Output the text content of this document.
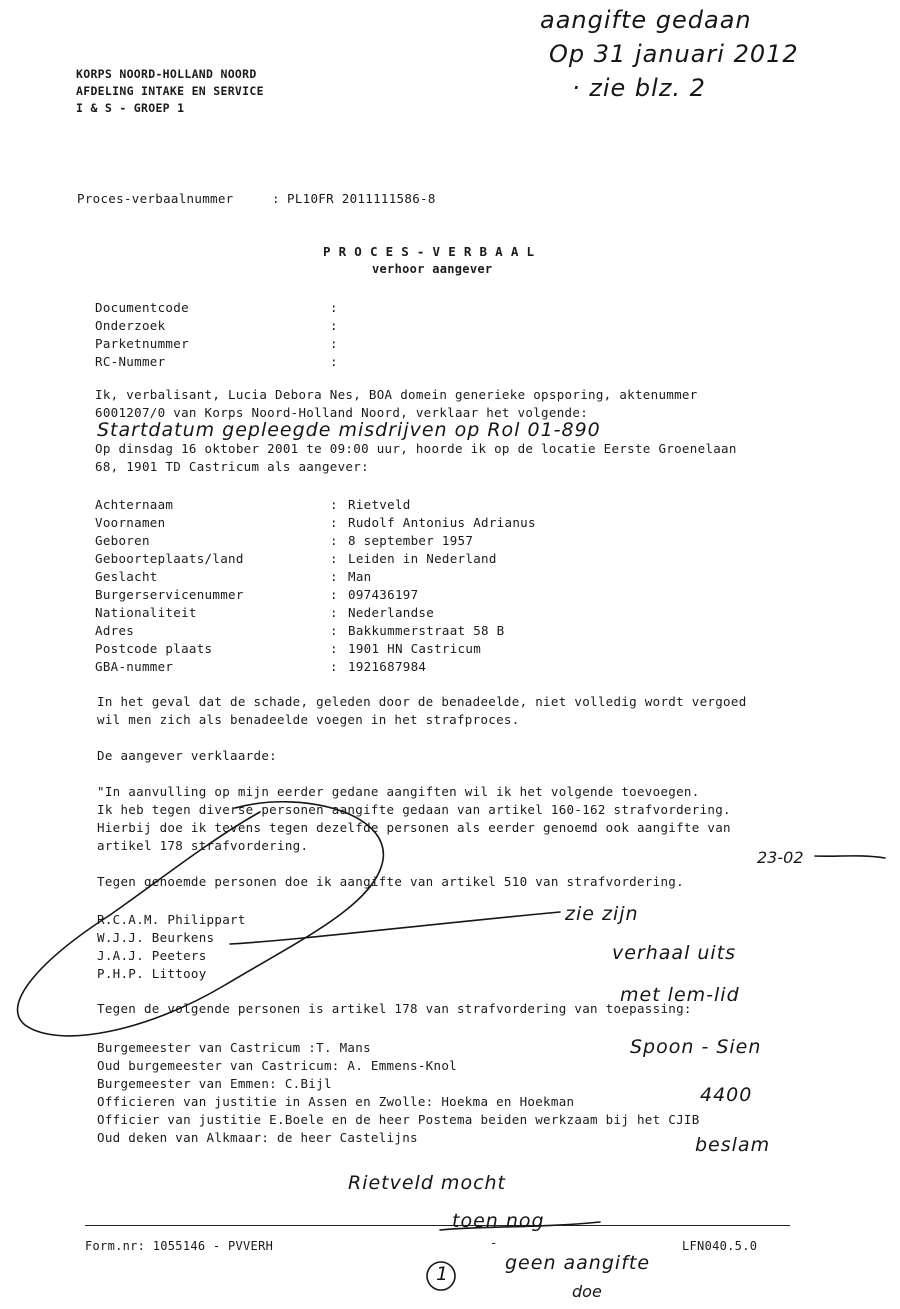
KORPS NOORD-HOLLAND NOORD
AFDELING INTAKE EN SERVICE
I & S - GROEP 1
Proces-verbaalnummer	: PL10FR 2011111586-8
P R O C E S - V E R B A A L
verhoor aangever
Documentcode	:
Onderzoek	:
Parketnummer	:
RC-Nummer	:
Ik, verbalisant, Lucia Debora Nes, BOA domein generieke opsporing, aktenummer
6001207/0 van Korps Noord-Holland Noord, verklaar het volgende:
Startdatum gepleegde misdrijven op Rol 01-890
Op dinsdag 16 oktober 2001 te 09:00 uur, hoorde ik op de locatie Eerste Groenelaan
68, 1901 TD Castricum als aangever:
Achternaam	: Rietveld
Voornamen	: Rudolf Antonius Adrianus
Geboren	: 8 september 1957
Geboorteplaats/land	: Leiden in Nederland
Geslacht	: Man
Burgerservicenummer	: 097436197
Nationaliteit	: Nederlandse
Adres	: Bakkummerstraat 58 B
Postcode plaats	: 1901 HN Castricum
GBA-nummer	: 1921687984
In het geval dat de schade, geleden door de benadeelde, niet volledig wordt vergoed
wil men zich als benadeelde voegen in het strafproces.
De aangever verklaarde:
"In aanvulling op mijn eerder gedane aangiften wil ik het volgende toevoegen.
Ik heb tegen diverse personen aangifte gedaan van artikel 160-162 strafvordering.
Hierbij doe ik tevens tegen dezelfde personen als eerder genoemd ook aangifte van
artikel 178 strafvordering.
Tegen genoemde personen doe ik aangifte van artikel 510 van strafvordering.
R.C.A.M. Philippart
W.J.J. Beurkens
J.A.J. Peeters
P.H.P. Littooy
Tegen de volgende personen is artikel 178 van strafvordering van toepassing:
Burgemeester van Castricum :T. Mans
Oud burgemeester van Castricum: A. Emmens-Knol
Burgemeester van Emmen: C.Bijl
Officieren van justitie in Assen en Zwolle: Hoekma en Hoekman
Officier van justitie E.Boele en de heer Postema beiden werkzaam bij het CJIB
Oud deken van Alkmaar: de heer Castelijns
Form.nr: 1055146 - PVVERH	-	LFN040.5.0
aangifte gedaan
Op 31 januari 2012
· zie blz. 2
23-02
zie zijn
verhaal uits
met lem-lid
Spoon - Sien
4400
beslam
Rietveld mocht
toen nog
geen aangifte
doe
1
